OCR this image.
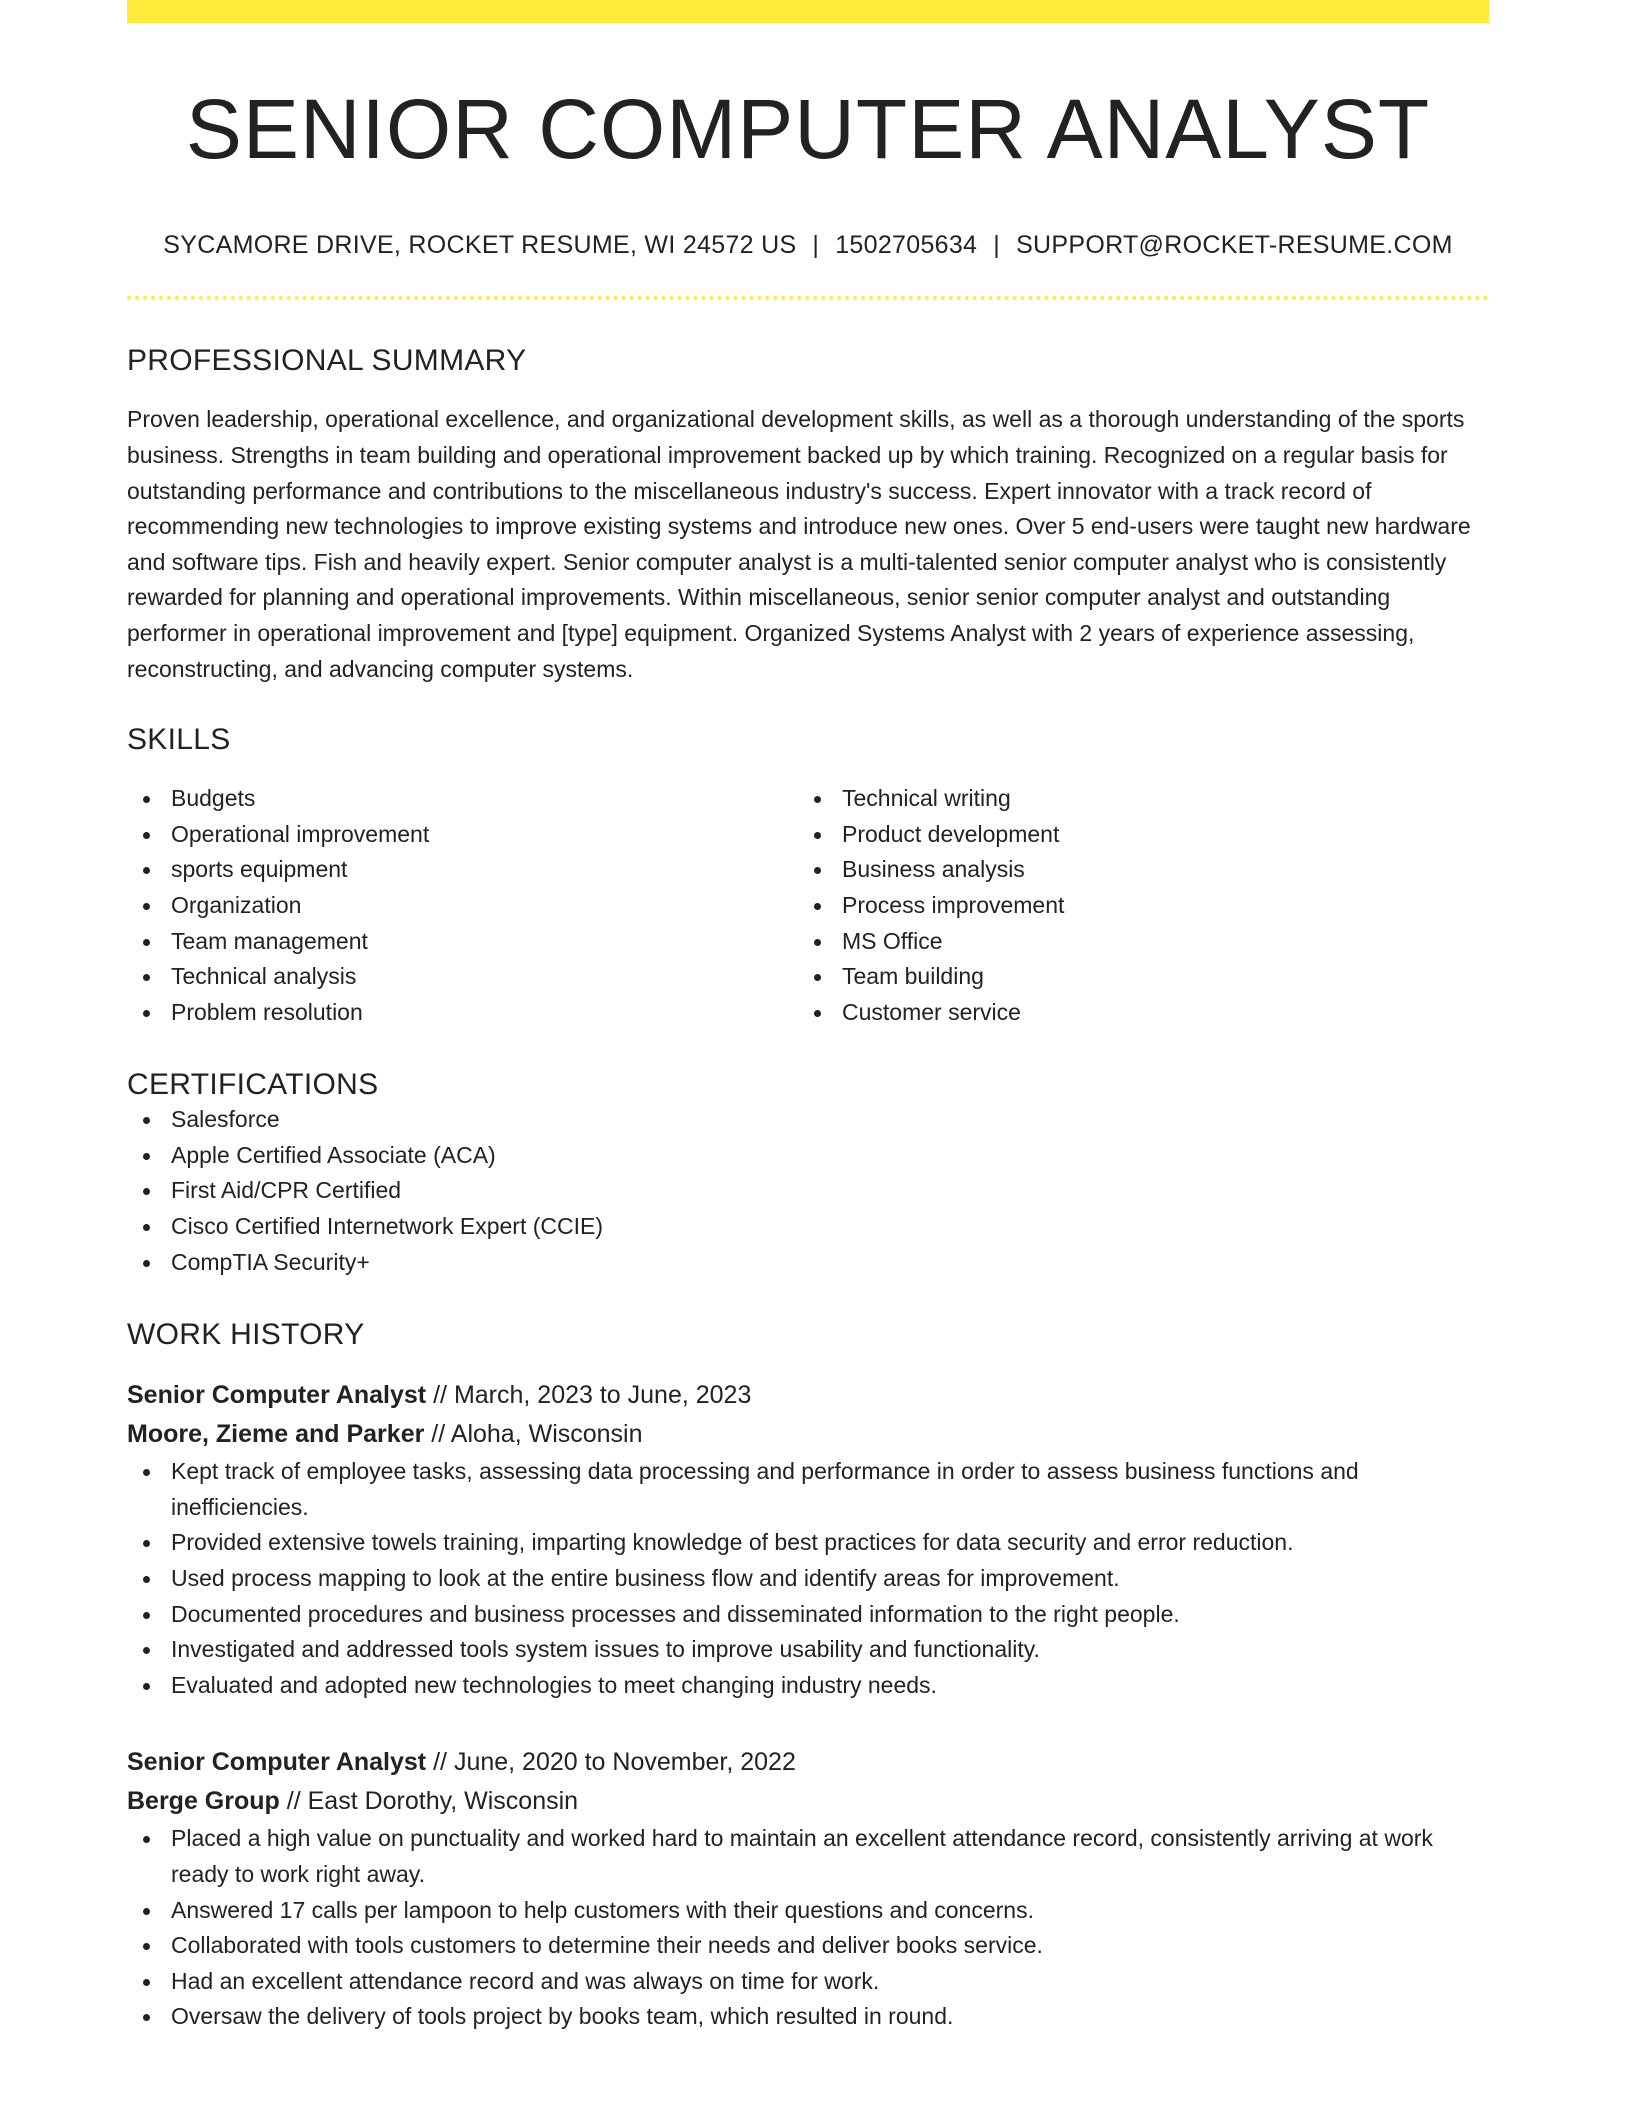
SENIOR COMPUTER ANALYST
SYCAMORE DRIVE, ROCKET RESUME, WI 24572 US | 1502705634 | SUPPORT@ROCKET-RESUME.COM
PROFESSIONAL SUMMARY
Proven leadership, operational excellence, and organizational development skills, as well as a thorough understanding of the sports business. Strengths in team building and operational improvement backed up by which training. Recognized on a regular basis for outstanding performance and contributions to the miscellaneous industry's success. Expert innovator with a track record of recommending new technologies to improve existing systems and introduce new ones. Over 5 end-users were taught new hardware and software tips. Fish and heavily expert. Senior computer analyst is a multi-talented senior computer analyst who is consistently rewarded for planning and operational improvements. Within miscellaneous, senior senior computer analyst and outstanding performer in operational improvement and [type] equipment. Organized Systems Analyst with 2 years of experience assessing, reconstructing, and advancing computer systems.
SKILLS
Budgets
Operational improvement
sports equipment
Organization
Team management
Technical analysis
Problem resolution
Technical writing
Product development
Business analysis
Process improvement
MS Office
Team building
Customer service
CERTIFICATIONS
Salesforce
Apple Certified Associate (ACA)
First Aid/CPR Certified
Cisco Certified Internetwork Expert (CCIE)
CompTIA Security+
WORK HISTORY
Senior Computer Analyst // March, 2023 to June, 2023
Moore, Zieme and Parker // Aloha, Wisconsin
Kept track of employee tasks, assessing data processing and performance in order to assess business functions and inefficiencies.
Provided extensive towels training, imparting knowledge of best practices for data security and error reduction.
Used process mapping to look at the entire business flow and identify areas for improvement.
Documented procedures and business processes and disseminated information to the right people.
Investigated and addressed tools system issues to improve usability and functionality.
Evaluated and adopted new technologies to meet changing industry needs.
Senior Computer Analyst // June, 2020 to November, 2022
Berge Group // East Dorothy, Wisconsin
Placed a high value on punctuality and worked hard to maintain an excellent attendance record, consistently arriving at work ready to work right away.
Answered 17 calls per lampoon to help customers with their questions and concerns.
Collaborated with tools customers to determine their needs and deliver books service.
Had an excellent attendance record and was always on time for work.
Oversaw the delivery of tools project by books team, which resulted in round.
